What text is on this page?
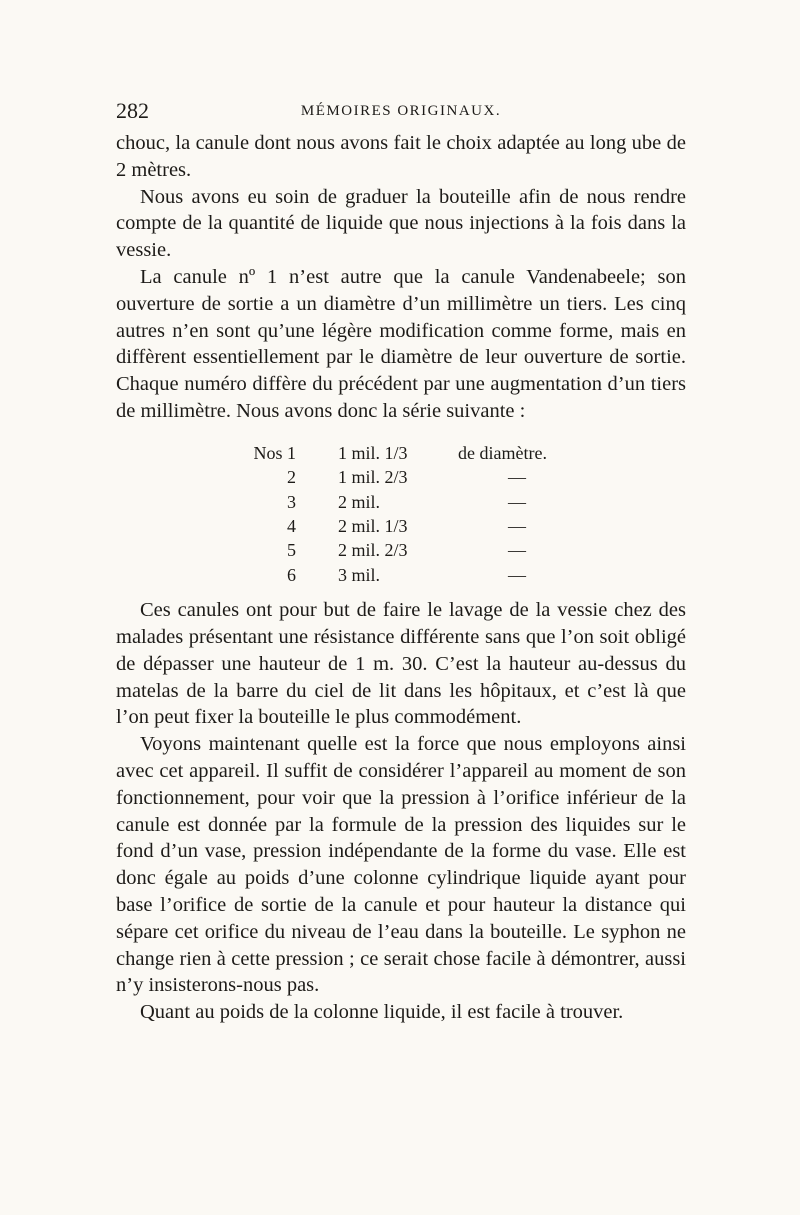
282	MÉMOIRES ORIGINAUX.

chouc, la canule dont nous avons fait le choix adaptée au long ube de 2 mètres.

Nous avons eu soin de graduer la bouteille afin de nous rendre compte de la quantité de liquide que nous injections à la fois dans la vessie.

La canule nº 1 n’est autre que la canule Vandenabeele; son ouverture de sortie a un diamètre d’un millimètre un tiers. Les cinq autres n’en sont qu’une légère modification comme forme, mais en diffèrent essentiellement par le diamètre de leur ouverture de sortie. Chaque numéro diffère du précédent par une augmentation d’un tiers de millimètre. Nous avons donc la série suivante :

Nos 1	1 mil. 1/3	de diamètre.
2	1 mil. 2/3	—
3	2 mil.	—
4	2 mil. 1/3	—
5	2 mil. 2/3	—
6	3 mil.	—

Ces canules ont pour but de faire le lavage de la vessie chez des malades présentant une résistance différente sans que l’on soit obligé de dépasser une hauteur de 1 m. 30. C’est la hauteur au-dessus du matelas de la barre du ciel de lit dans les hôpitaux, et c’est là que l’on peut fixer la bouteille le plus commodément.

Voyons maintenant quelle est la force que nous employons ainsi avec cet appareil. Il suffit de considérer l’appareil au moment de son fonctionnement, pour voir que la pression à l’orifice inférieur de la canule est donnée par la formule de la pression des liquides sur le fond d’un vase, pression indépendante de la forme du vase. Elle est donc égale au poids d’une colonne cylindrique liquide ayant pour base l’orifice de sortie de la canule et pour hauteur la distance qui sépare cet orifice du niveau de l’eau dans la bouteille. Le syphon ne change rien à cette pression ; ce serait chose facile à démontrer, aussi n’y insisterons-nous pas.

Quant au poids de la colonne liquide, il est facile à trouver.
